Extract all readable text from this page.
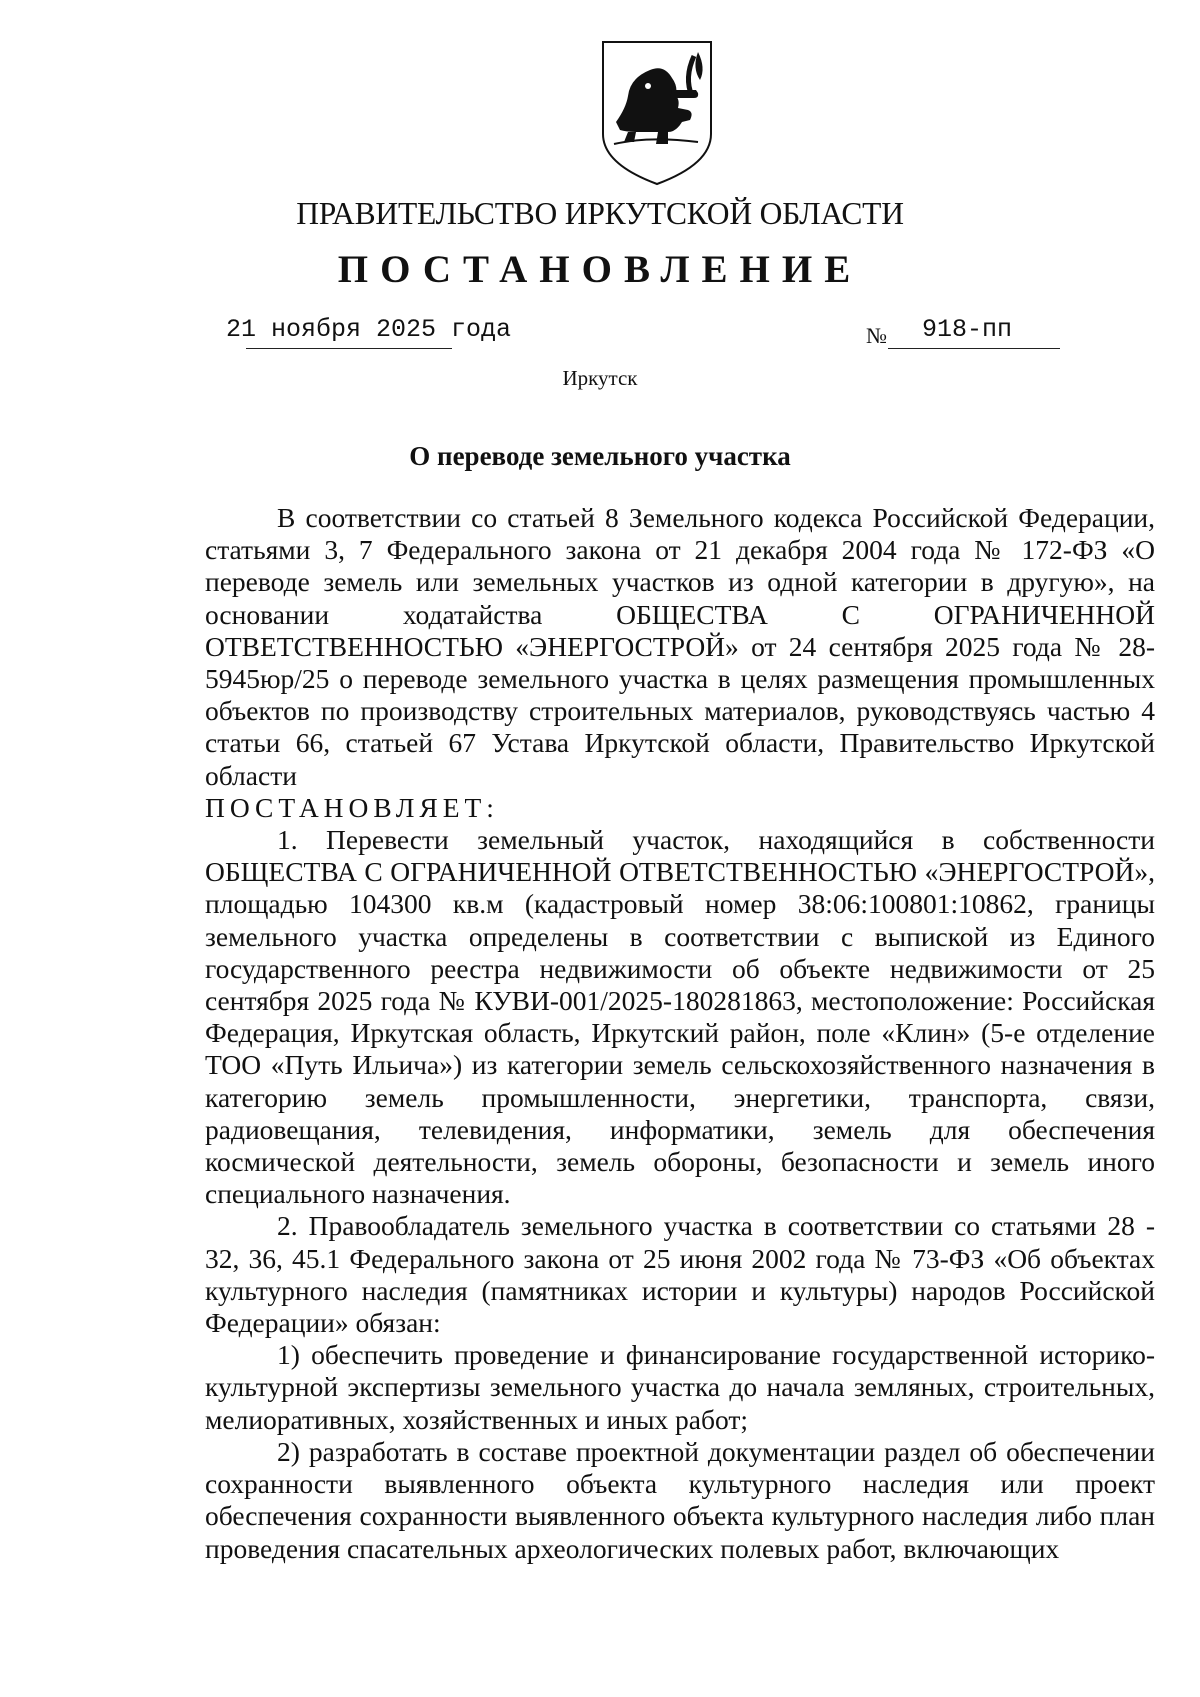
ПРАВИТЕЛЬСТВО ИРКУТСКОЙ ОБЛАСТИ
ПОСТАНОВЛЕНИЕ
21 ноября 2025 года	№ 918-пп
Иркутск
О переводе земельного участка

В соответствии со статьей 8 Земельного кодекса Российской Федерации, статьями 3, 7 Федерального закона от 21 декабря 2004 года № 172-ФЗ «О переводе земель или земельных участков из одной категории в другую», на основании ходатайства ОБЩЕСТВА С ОГРАНИЧЕННОЙ ОТВЕТСТВЕННОСТЬЮ «ЭНЕРГОСТРОЙ» от 24 сентября 2025 года № 28-5945юр/25 о переводе земельного участка в целях размещения промышленных объектов по производству строительных материалов, руководствуясь частью 4 статьи 66, статьей 67 Устава Иркутской области, Правительство Иркутской области

ПОСТАНОВЛЯЕТ:

1. Перевести земельный участок, находящийся в собственности ОБЩЕСТВА С ОГРАНИЧЕННОЙ ОТВЕТСТВЕННОСТЬЮ «ЭНЕРГОСТРОЙ», площадью 104300 кв.м (кадастровый номер 38:06:100801:10862, границы земельного участка определены в соответствии с выпиской из Единого государственного реестра недвижимости об объекте недвижимости от 25 сентября 2025 года № КУВИ-001/2025-180281863, местоположение: Российская Федерация, Иркутская область, Иркутский район, поле «Клин» (5-е отделение ТОО «Путь Ильича») из категории земель сельскохозяйственного назначения в категорию земель промышленности, энергетики, транспорта, связи, радиовещания, телевидения, информатики, земель для обеспечения космической деятельности, земель обороны, безопасности и земель иного специального назначения.

2. Правообладатель земельного участка в соответствии со статьями 28 - 32, 36, 45.1 Федерального закона от 25 июня 2002 года № 73-ФЗ «Об объектах культурного наследия (памятниках истории и культуры) народов Российской Федерации» обязан:

1) обеспечить проведение и финансирование государственной историко-культурной экспертизы земельного участка до начала земляных, строительных, мелиоративных, хозяйственных и иных работ;

2) разработать в составе проектной документации раздел об обеспечении сохранности выявленного объекта культурного наследия или проект обеспечения сохранности выявленного объекта культурного наследия либо план проведения спасательных археологических полевых работ, включающих
